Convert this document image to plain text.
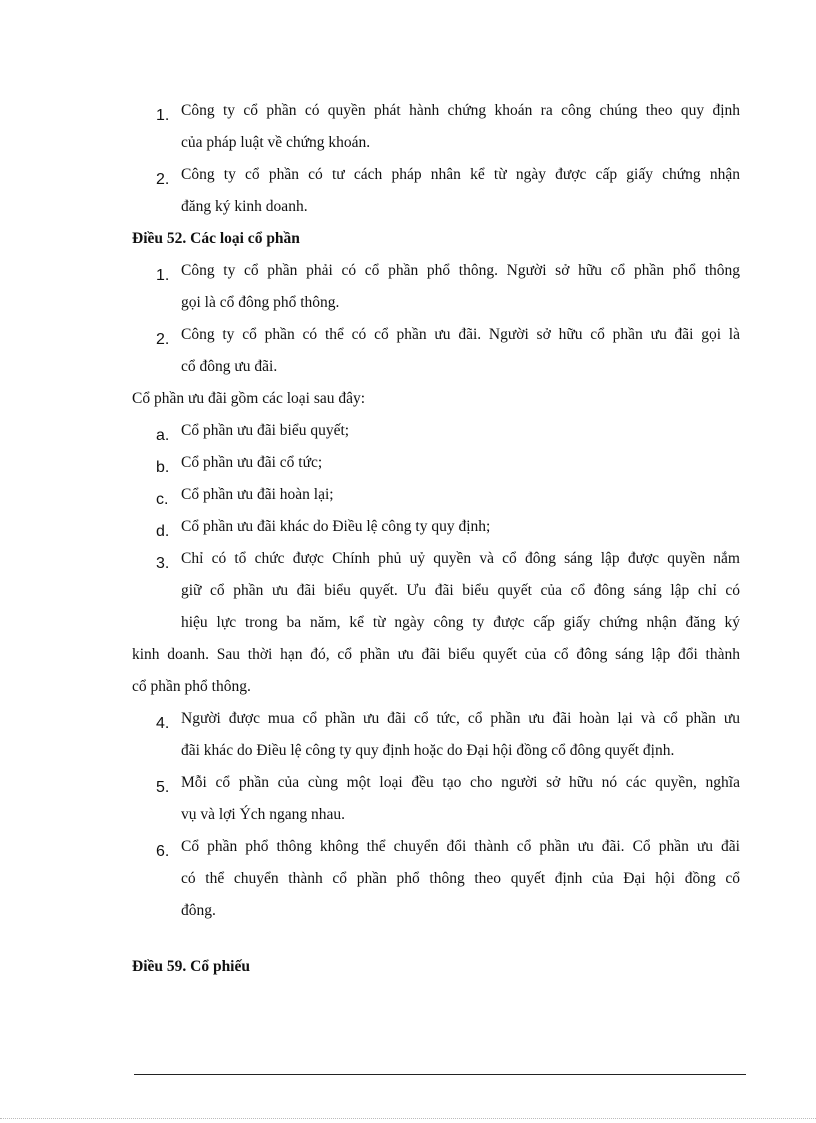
1. Công ty cổ phần có quyền phát hành chứng khoán ra công chúng theo quy định
của pháp luật về chứng khoán.
2. Công ty cổ phần có tư cách pháp nhân kể từ ngày được cấp giấy chứng nhận
đăng ký kinh doanh.
Điều 52. Các loại cổ phần
1. Công ty cổ phần phải có cổ phần phổ thông. Người sở hữu cổ phần phổ thông
gọi là cổ đông phổ thông.
2. Công ty cổ phần có thể có cổ phần ưu đãi. Người sở hữu cổ phần ưu đãi gọi là
cổ đông ưu đãi.
Cổ phần ưu đãi gồm các loại sau đây:
a. Cổ phần ưu đãi biểu quyết;
b. Cổ phần ưu đãi cổ tức;
c. Cổ phần ưu đãi hoàn lại;
d. Cổ phần ưu đãi khác do Điều lệ công ty quy định;
3. Chỉ có tổ chức được Chính phủ uỷ quyền và cổ đông sáng lập được quyền nắm
giữ cổ phần ưu đãi biểu quyết. Ưu đãi biểu quyết của cổ đông sáng lập chỉ có
hiệu lực trong ba năm, kể từ ngày công ty được cấp giấy chứng nhận đăng ký
kinh doanh. Sau thời hạn đó, cổ phần ưu đãi biểu quyết của cổ đông sáng lập đổi thành
cổ phần phổ thông.
4. Người được mua cổ phần ưu đãi cổ tức, cổ phần ưu đãi hoàn lại và cổ phần ưu
đãi khác do Điều lệ công ty quy định hoặc do Đại hội đồng cổ đông quyết định.
5. Mỗi cổ phần của cùng một loại đều tạo cho người sở hữu nó các quyền, nghĩa
vụ và lợi Ých ngang nhau.
6. Cổ phần phổ thông không thể chuyển đổi thành cổ phần ưu đãi. Cổ phần ưu đãi
có thể chuyển thành cổ phần phổ thông theo quyết định của Đại hội đồng cổ
đông.
Điều 59. Cổ phiếu
